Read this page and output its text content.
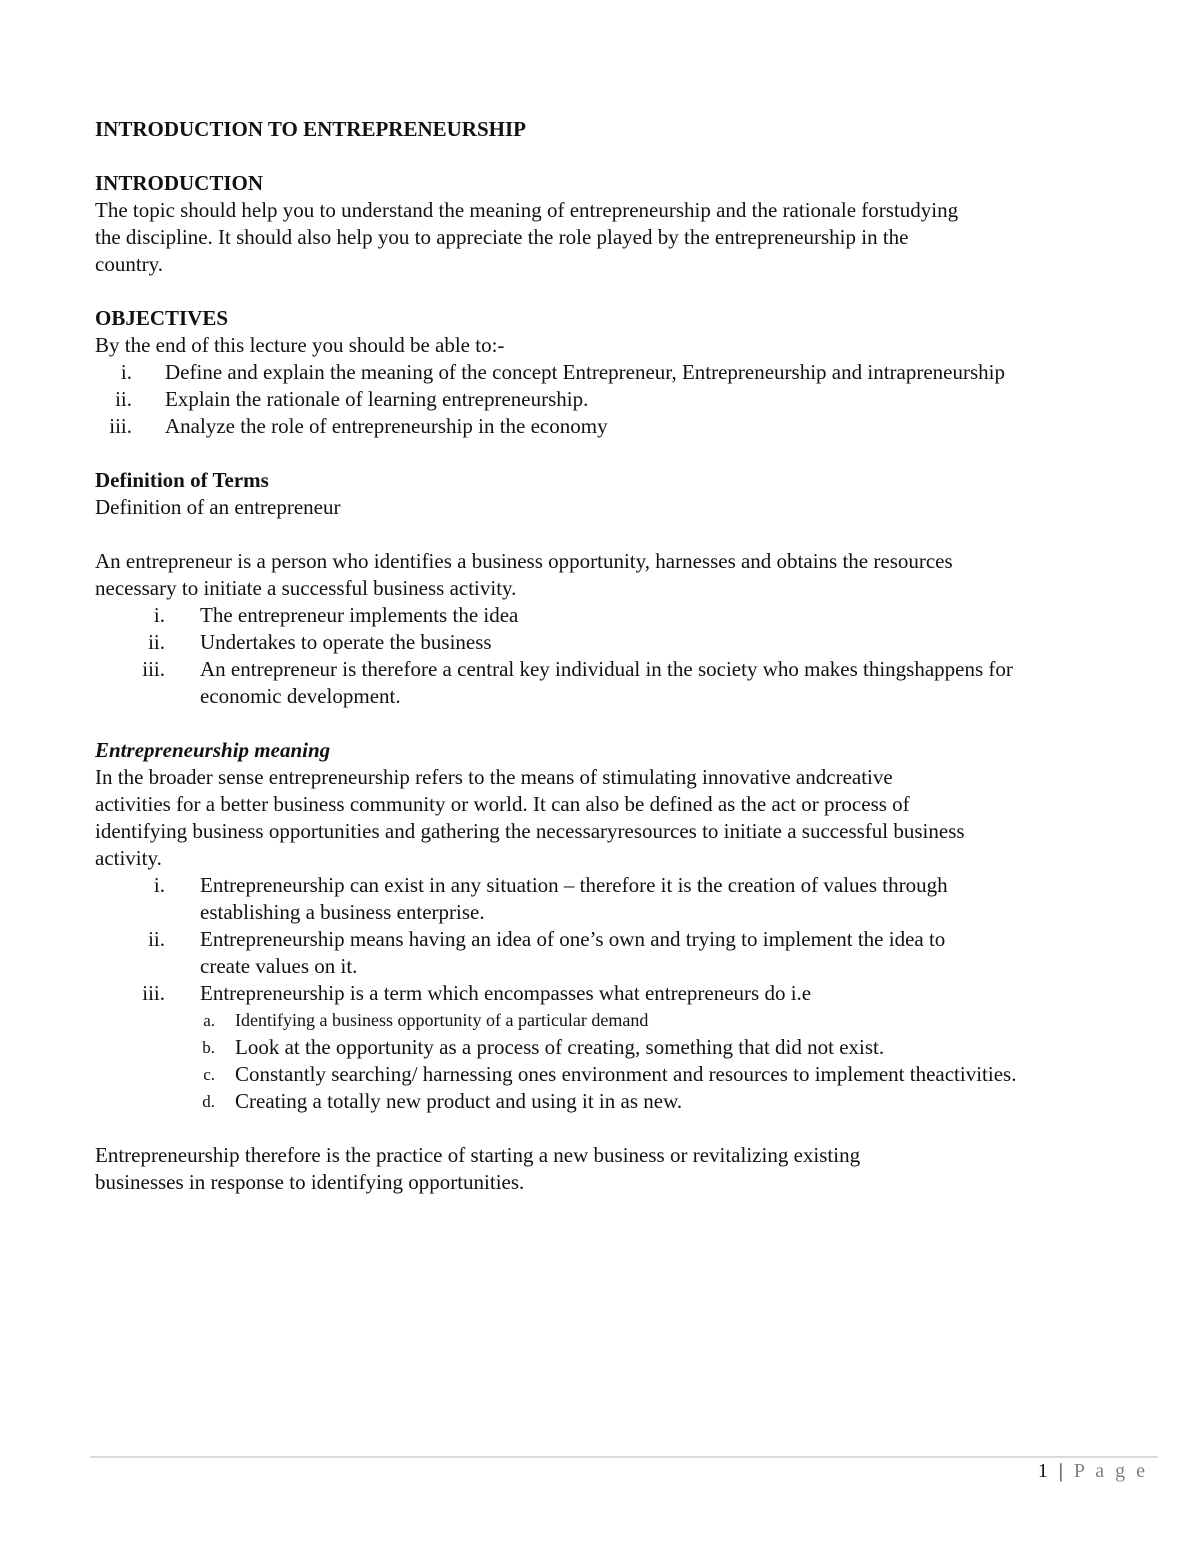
INTRODUCTION TO ENTREPRENEURSHIP
INTRODUCTION
The topic should help you to understand the meaning of entrepreneurship and the rationale forstudying
the discipline. It should also help you to appreciate the role played by the entrepreneurship in the
country.
OBJECTIVES
By the end of this lecture you should be able to:-
i.	Define and explain the meaning of the concept Entrepreneur, Entrepreneurship and intrapreneurship
ii.	Explain the rationale of learning entrepreneurship.
iii.	Analyze the role of entrepreneurship in the economy
Definition of Terms
Definition of an entrepreneur
An entrepreneur is a person who identifies a business opportunity, harnesses and obtains the resources
necessary to initiate a successful business activity.
i.	The entrepreneur implements the idea
ii.	Undertakes to operate the business
iii.	An entrepreneur is therefore a central key individual in the society who makes thingshappens for
economic development.
Entrepreneurship meaning
In the broader sense entrepreneurship refers to the means of stimulating innovative andcreative
activities for a better business community or world. It can also be defined as the act or process of
identifying business opportunities and gathering the necessaryresources to initiate a successful business
activity.
i.	Entrepreneurship can exist in any situation – therefore it is the creation of values through
establishing a business enterprise.
ii.	Entrepreneurship means having an idea of one’s own and trying to implement the idea to
create values on it.
iii.	Entrepreneurship is a term which encompasses what entrepreneurs do i.e
a.	Identifying a business opportunity of a particular demand
b. Look at the opportunity as a process of creating, something that did not exist.
c. Constantly searching/ harnessing ones environment and resources to implement theactivities.
d. Creating a totally new product and using it in as new.
Entrepreneurship therefore is the practice of starting a new business or revitalizing existing
businesses in response to identifying opportunities.
1 | P a g e
